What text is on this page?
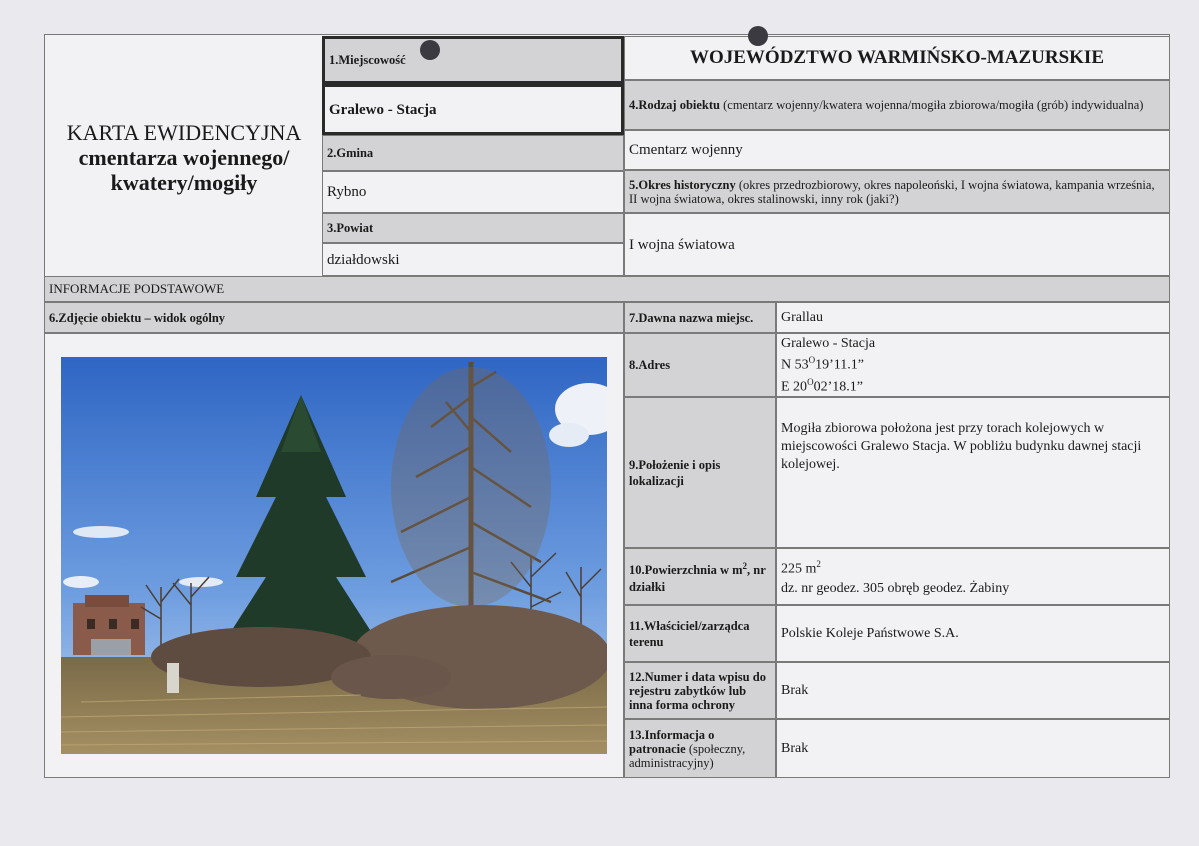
KARTA EWIDENCYJNA
cmentarza wojennego/
kwatery/mogiły
1.Miejscowość
Gralewo - Stacja
2.Gmina
Rybno
3.Powiat
działdowski
WOJEWÓDZTWO WARMIŃSKO-MAZURSKIE
4.Rodzaj obiektu (cmentarz wojenny/kwatera wojenna/mogiła zbiorowa/mogiła (grób) indywidualna)
Cmentarz wojenny
5.Okres historyczny (okres przedrozbiorowy, okres napoleoński, I wojna światowa, kampania września, II wojna światowa, okres stalinowski, inny rok (jaki?)
I wojna światowa
INFORMACJE PODSTAWOWE
6.Zdjęcie obiektu – widok ogólny	7.Dawna nazwa miejsc. Grallau
8.Adres
Gralewo - Stacja
N $53^O19’11.1$”
E $20^O02’18.1$”
9.Położenie i opis lokalizacji
Mogiła zbiorowa położona jest przy torach kolejowych w miejscowości Gralewo Stacja. W pobliżu budynku dawnej stacji kolejowej.
10.Powierzchnia w $m^2$, nr działki
225 $m^2$
dz. nr geodez. 305 obręb geodez. Żabiny
11.Właściciel/zarządca terenu
Polskie Koleje Państwowe S.A.
12.Numer i data wpisu do rejestru zabytków lub inna forma ochrony
Brak
13.Informacja o patronacie (społeczny, administracyjny)
Brak
